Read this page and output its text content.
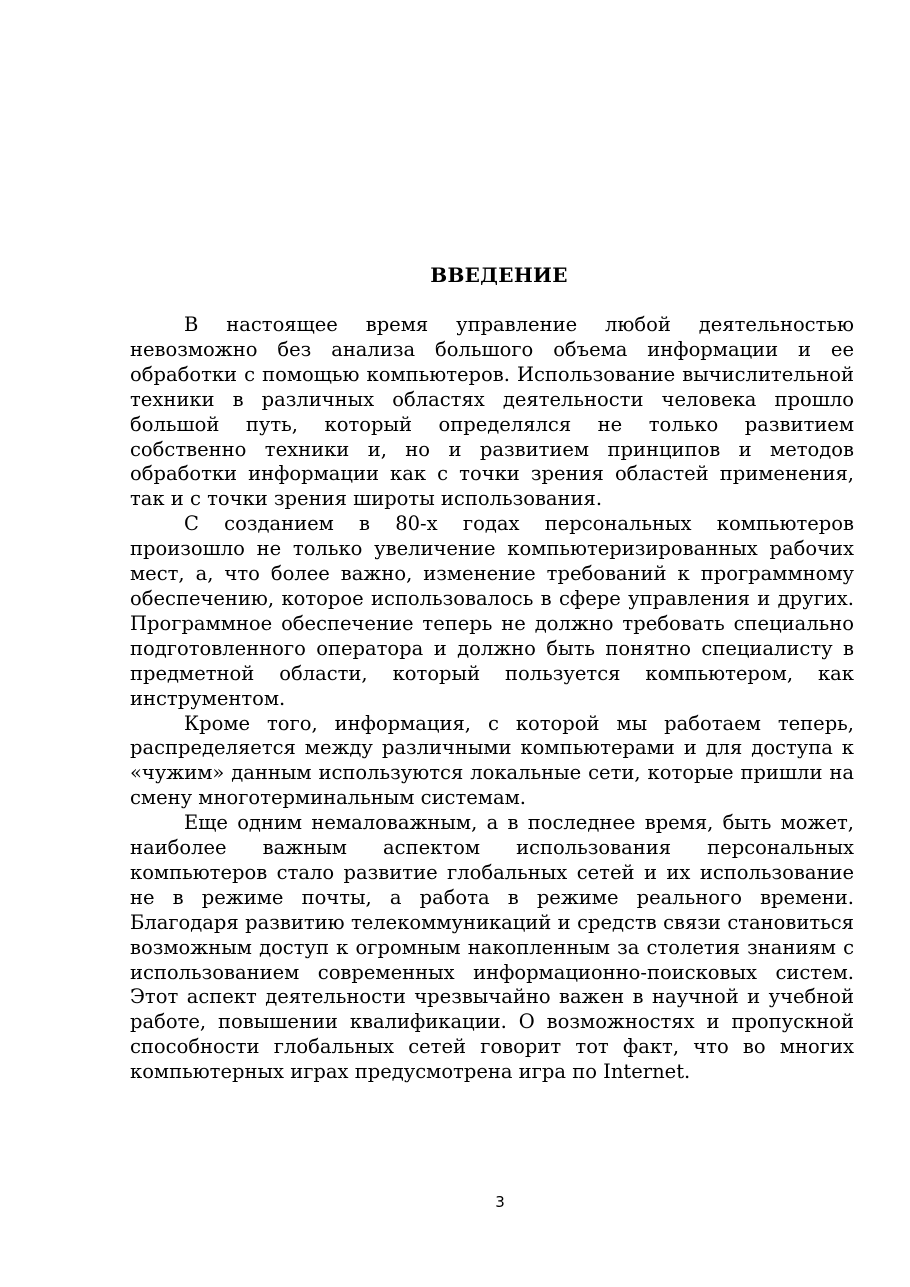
ВВЕДЕНИЕ

В настоящее время управление любой деятельностью невозможно без анализа большого объема информации и ее обработки с помощью компьютеров. Использование вычислительной техники в различных областях деятельности человека прошло большой путь, который определялся не только развитием собственно техники и, но и развитием принципов и методов обработки информации как с точки зрения областей применения, так и с точки зрения широты использования.

С созданием в 80-х годах персональных компьютеров произошло не только увеличение компьютеризированных рабочих мест, а, что более важно, изменение требований к программному обеспечению, которое использовалось в сфере управления и других. Программное обеспечение теперь не должно требовать специально подготовленного оператора и должно быть понятно специалисту в предметной области, который пользуется компьютером, как инструментом.

Кроме того, информация, с которой мы работаем теперь, распределяется между различными компьютерами и для доступа к «чужим» данным используются локальные сети, которые пришли на смену многотерминальным системам.

Еще одним немаловажным, а в последнее время, быть может, наиболее важным аспектом использования персональных компьютеров стало развитие глобальных сетей и их использование не в режиме почты, а работа в режиме реального времени. Благодаря развитию телекоммуникаций и средств связи становиться возможным доступ к огромным накопленным за столетия знаниям с использованием современных информационно-поисковых систем. Этот аспект деятельности чрезвычайно важен в научной и учебной работе, повышении квалификации. О возможностях и пропускной способности глобальных сетей говорит тот факт, что во многих компьютерных играх предусмотрена игра по Internet.

3
